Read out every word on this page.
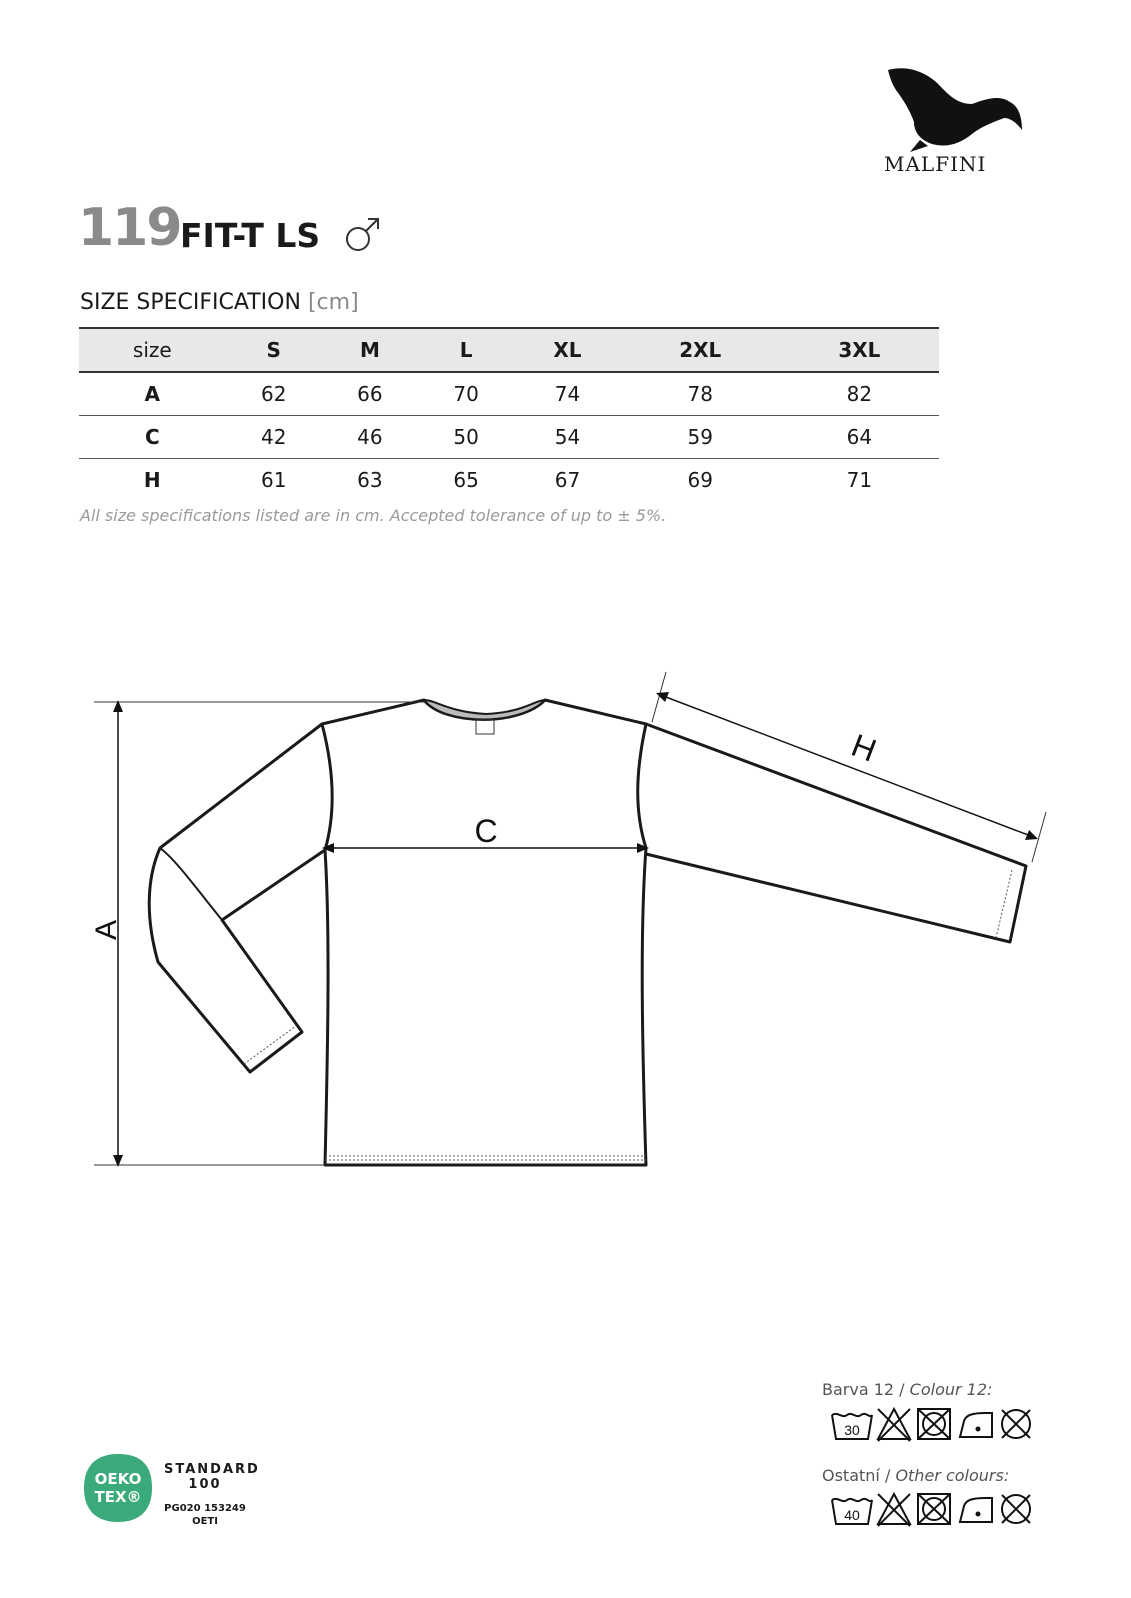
MALFINI
119 FIT-T LS
SIZE SPECIFICATION [cm]
size	S	M	L	XL	2XL	3XL
A	62	66	70	74	78	82
C	42	46	50	54	59	64
H	61	63	65	67	69	71
All size specifications listed are in cm. Accepted tolerance of up to ± 5%.
A
C
H
Barva 12 / Colour 12:
30
Ostatní / Other colours:
40
OEKO
TEX®
STANDARD
100
PG020 153249
OETI
